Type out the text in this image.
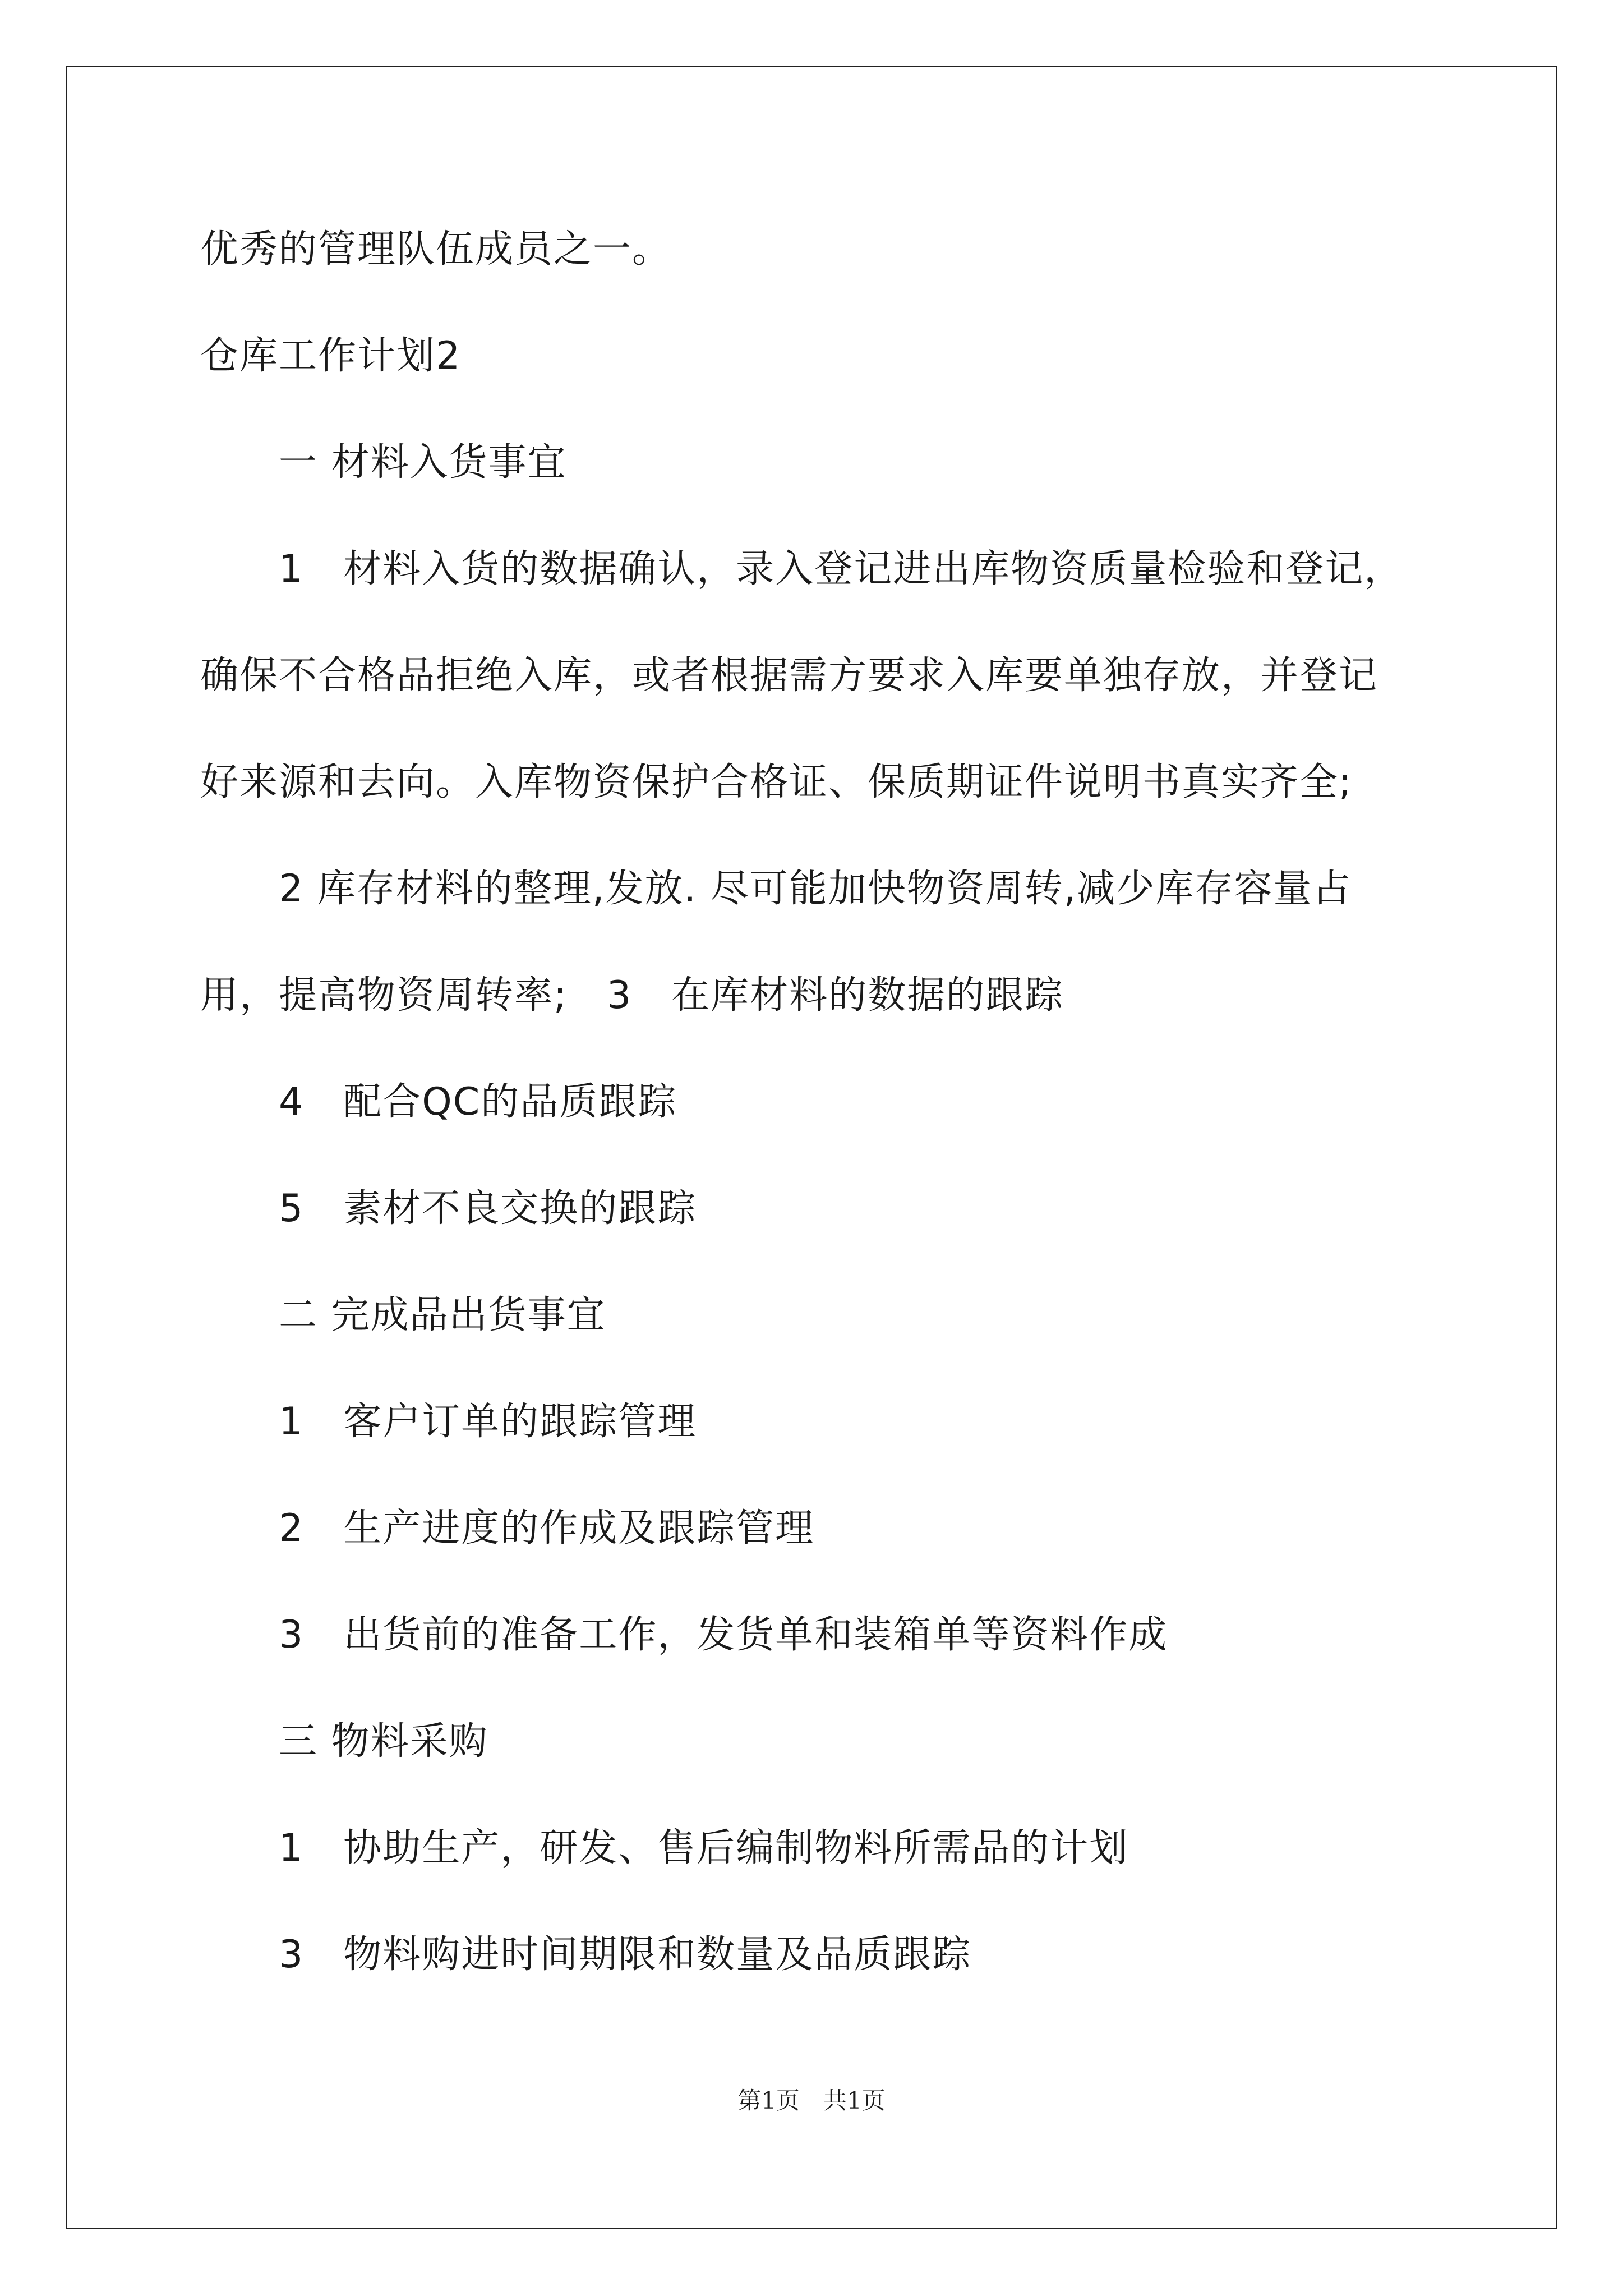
优秀的管理队伍成员之一。
仓库工作计划2
一 材料入货事宜
1　材料入货的数据确认，录入登记进出库物资质量检验和登记，
确保不合格品拒绝入库，或者根据需方要求入库要单独存放，并登记
好来源和去向。入库物资保护合格证、保质期证件说明书真实齐全;
2 库存材料的整理,发放. 尽可能加快物资周转,减少库存容量占
用，提高物资周转率;　3　在库材料的数据的跟踪
4　配合QC的品质跟踪
5　素材不良交换的跟踪
二 完成品出货事宜
1　客户订单的跟踪管理
2　生产进度的作成及跟踪管理
3　出货前的准备工作，发货单和装箱单等资料作成
三 物料采购
1　协助生产，研发、售后编制物料所需品的计划
3　物料购进时间期限和数量及品质跟踪
第1页　共1页
